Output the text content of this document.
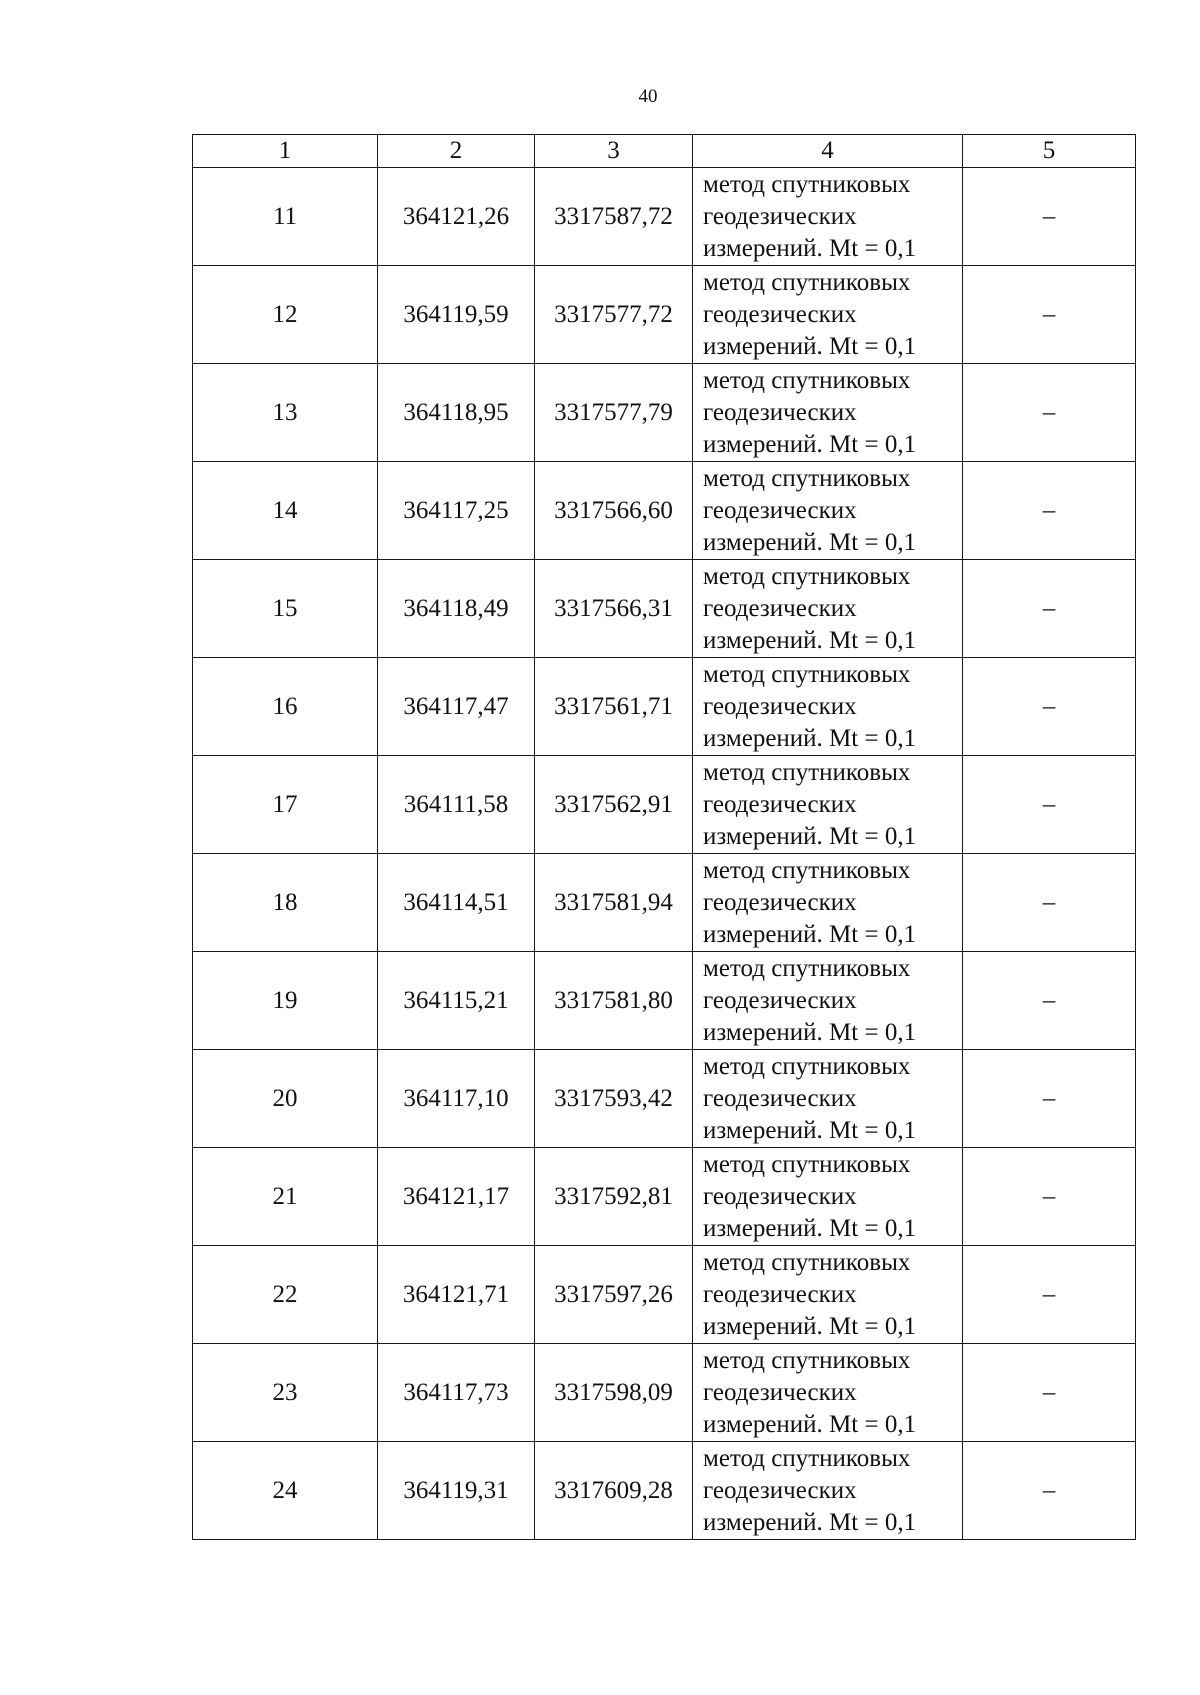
40
1	2	3	4	5
11	364121,26	3317587,72	метод спутниковых
геодезических
измерений. Mt = 0,1	–
12	364119,59	3317577,72	метод спутниковых
геодезических
измерений. Mt = 0,1	–
13	364118,95	3317577,79	метод спутниковых
геодезических
измерений. Mt = 0,1	–
14	364117,25	3317566,60	метод спутниковых
геодезических
измерений. Mt = 0,1	–
15	364118,49	3317566,31	метод спутниковых
геодезических
измерений. Mt = 0,1	–
16	364117,47	3317561,71	метод спутниковых
геодезических
измерений. Mt = 0,1	–
17	364111,58	3317562,91	метод спутниковых
геодезических
измерений. Mt = 0,1	–
18	364114,51	3317581,94	метод спутниковых
геодезических
измерений. Mt = 0,1	–
19	364115,21	3317581,80	метод спутниковых
геодезических
измерений. Mt = 0,1	–
20	364117,10	3317593,42	метод спутниковых
геодезических
измерений. Mt = 0,1	–
21	364121,17	3317592,81	метод спутниковых
геодезических
измерений. Mt = 0,1	–
22	364121,71	3317597,26	метод спутниковых
геодезических
измерений. Mt = 0,1	–
23	364117,73	3317598,09	метод спутниковых
геодезических
измерений. Mt = 0,1	–
24	364119,31	3317609,28	метод спутниковых
геодезических
измерений. Mt = 0,1	–
